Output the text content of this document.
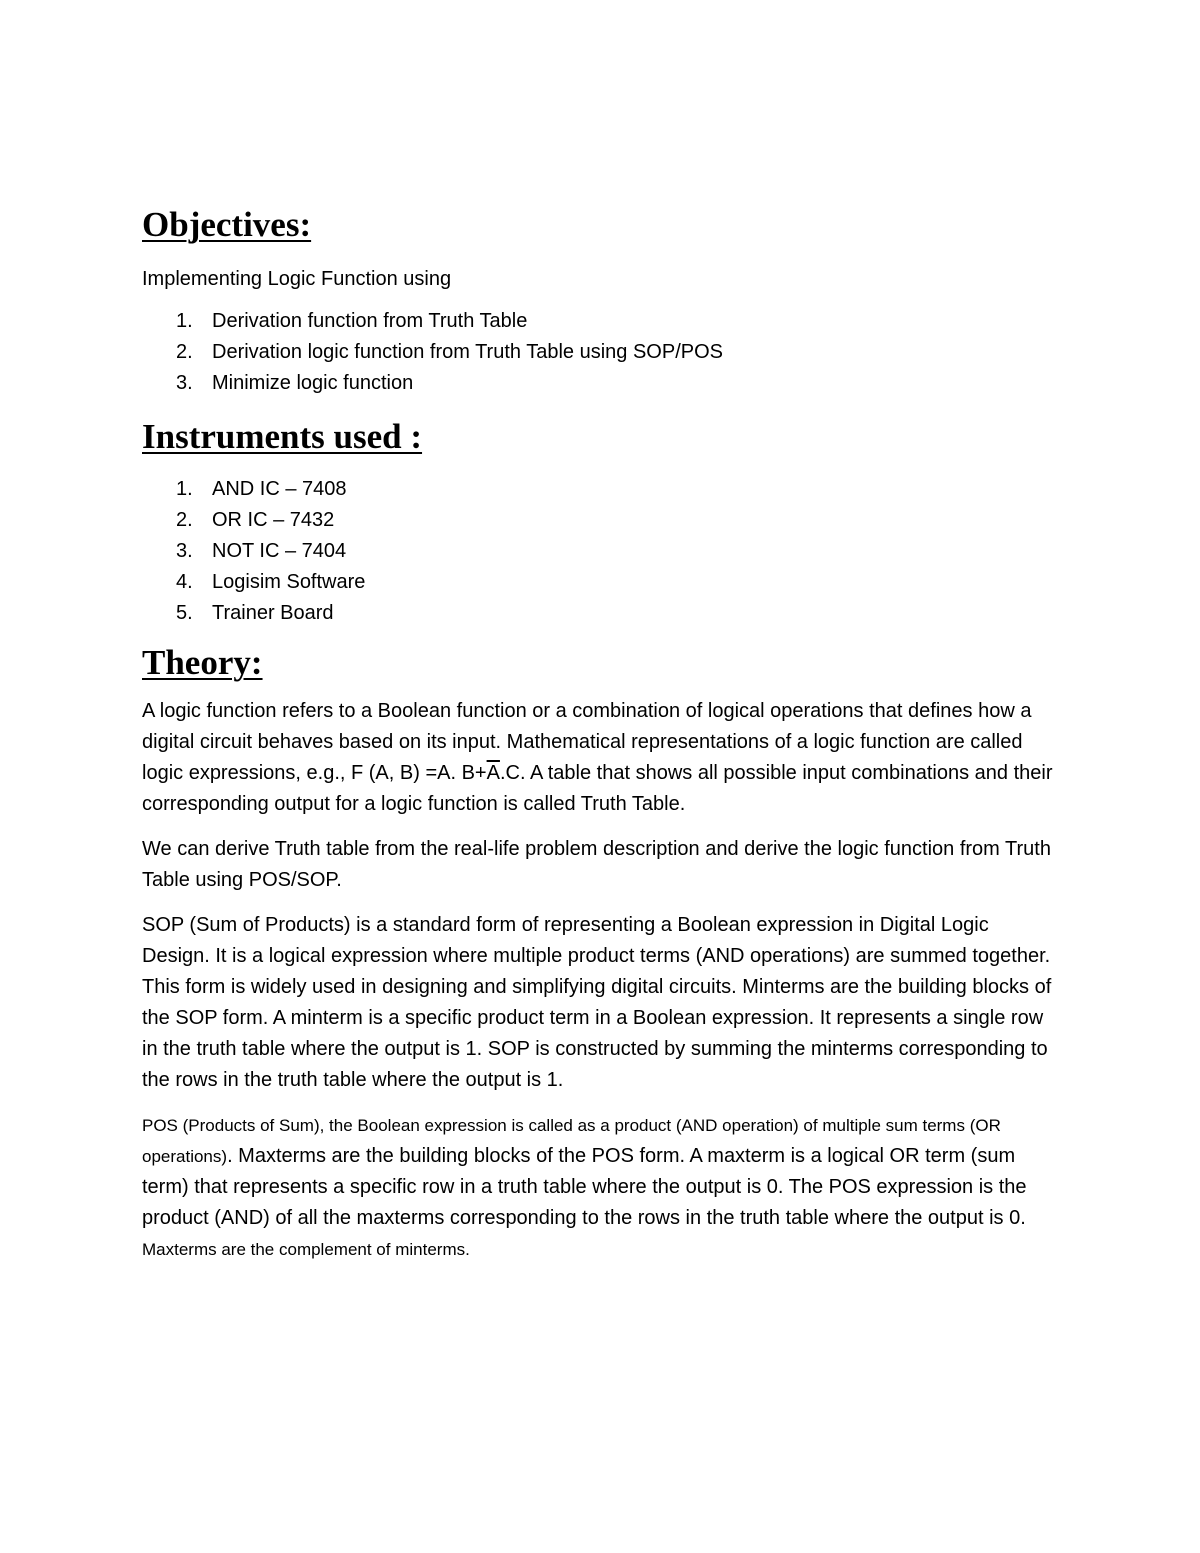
Objectives:

Implementing Logic Function using

1. Derivation function from Truth Table
2. Derivation logic function from Truth Table using SOP/POS
3. Minimize logic function
Instruments used :
1. AND IC – 7408
2. OR IC – 7432
3. NOT IC – 7404
4. Logisim Software
5. Trainer Board
Theory:

A logic function refers to a Boolean function or a combination of logical operations that defines how a digital circuit behaves based on its input. Mathematical representations of a logic function are called logic expressions, e.g., F (A, B) =A. $B+\overline{A}.C$. A table that shows all possible input combinations and their corresponding output for a logic function is called Truth Table.

We can derive Truth table from the real-life problem description and derive the logic function from Truth Table using POS/SOP.

SOP (Sum of Products) is a standard form of representing a Boolean expression in Digital Logic Design. It is a logical expression where multiple product terms (AND operations) are summed together. This form is widely used in designing and simplifying digital circuits. Minterms are the building blocks of the SOP form. A minterm is a specific product term in a Boolean expression. It represents a single row in the truth table where the output is 1. SOP is constructed by summing the minterms corresponding to the rows in the truth table where the output is 1.

POS (Products of Sum), the Boolean expression is called as a product (AND operation) of multiple sum terms (OR operations). Maxterms are the building blocks of the POS form. A maxterm is a logical OR term (sum term) that represents a specific row in a truth table where the output is 0. The POS expression is the product (AND) of all the maxterms corresponding to the rows in the truth table where the output is 0. Maxterms are the complement of minterms.
